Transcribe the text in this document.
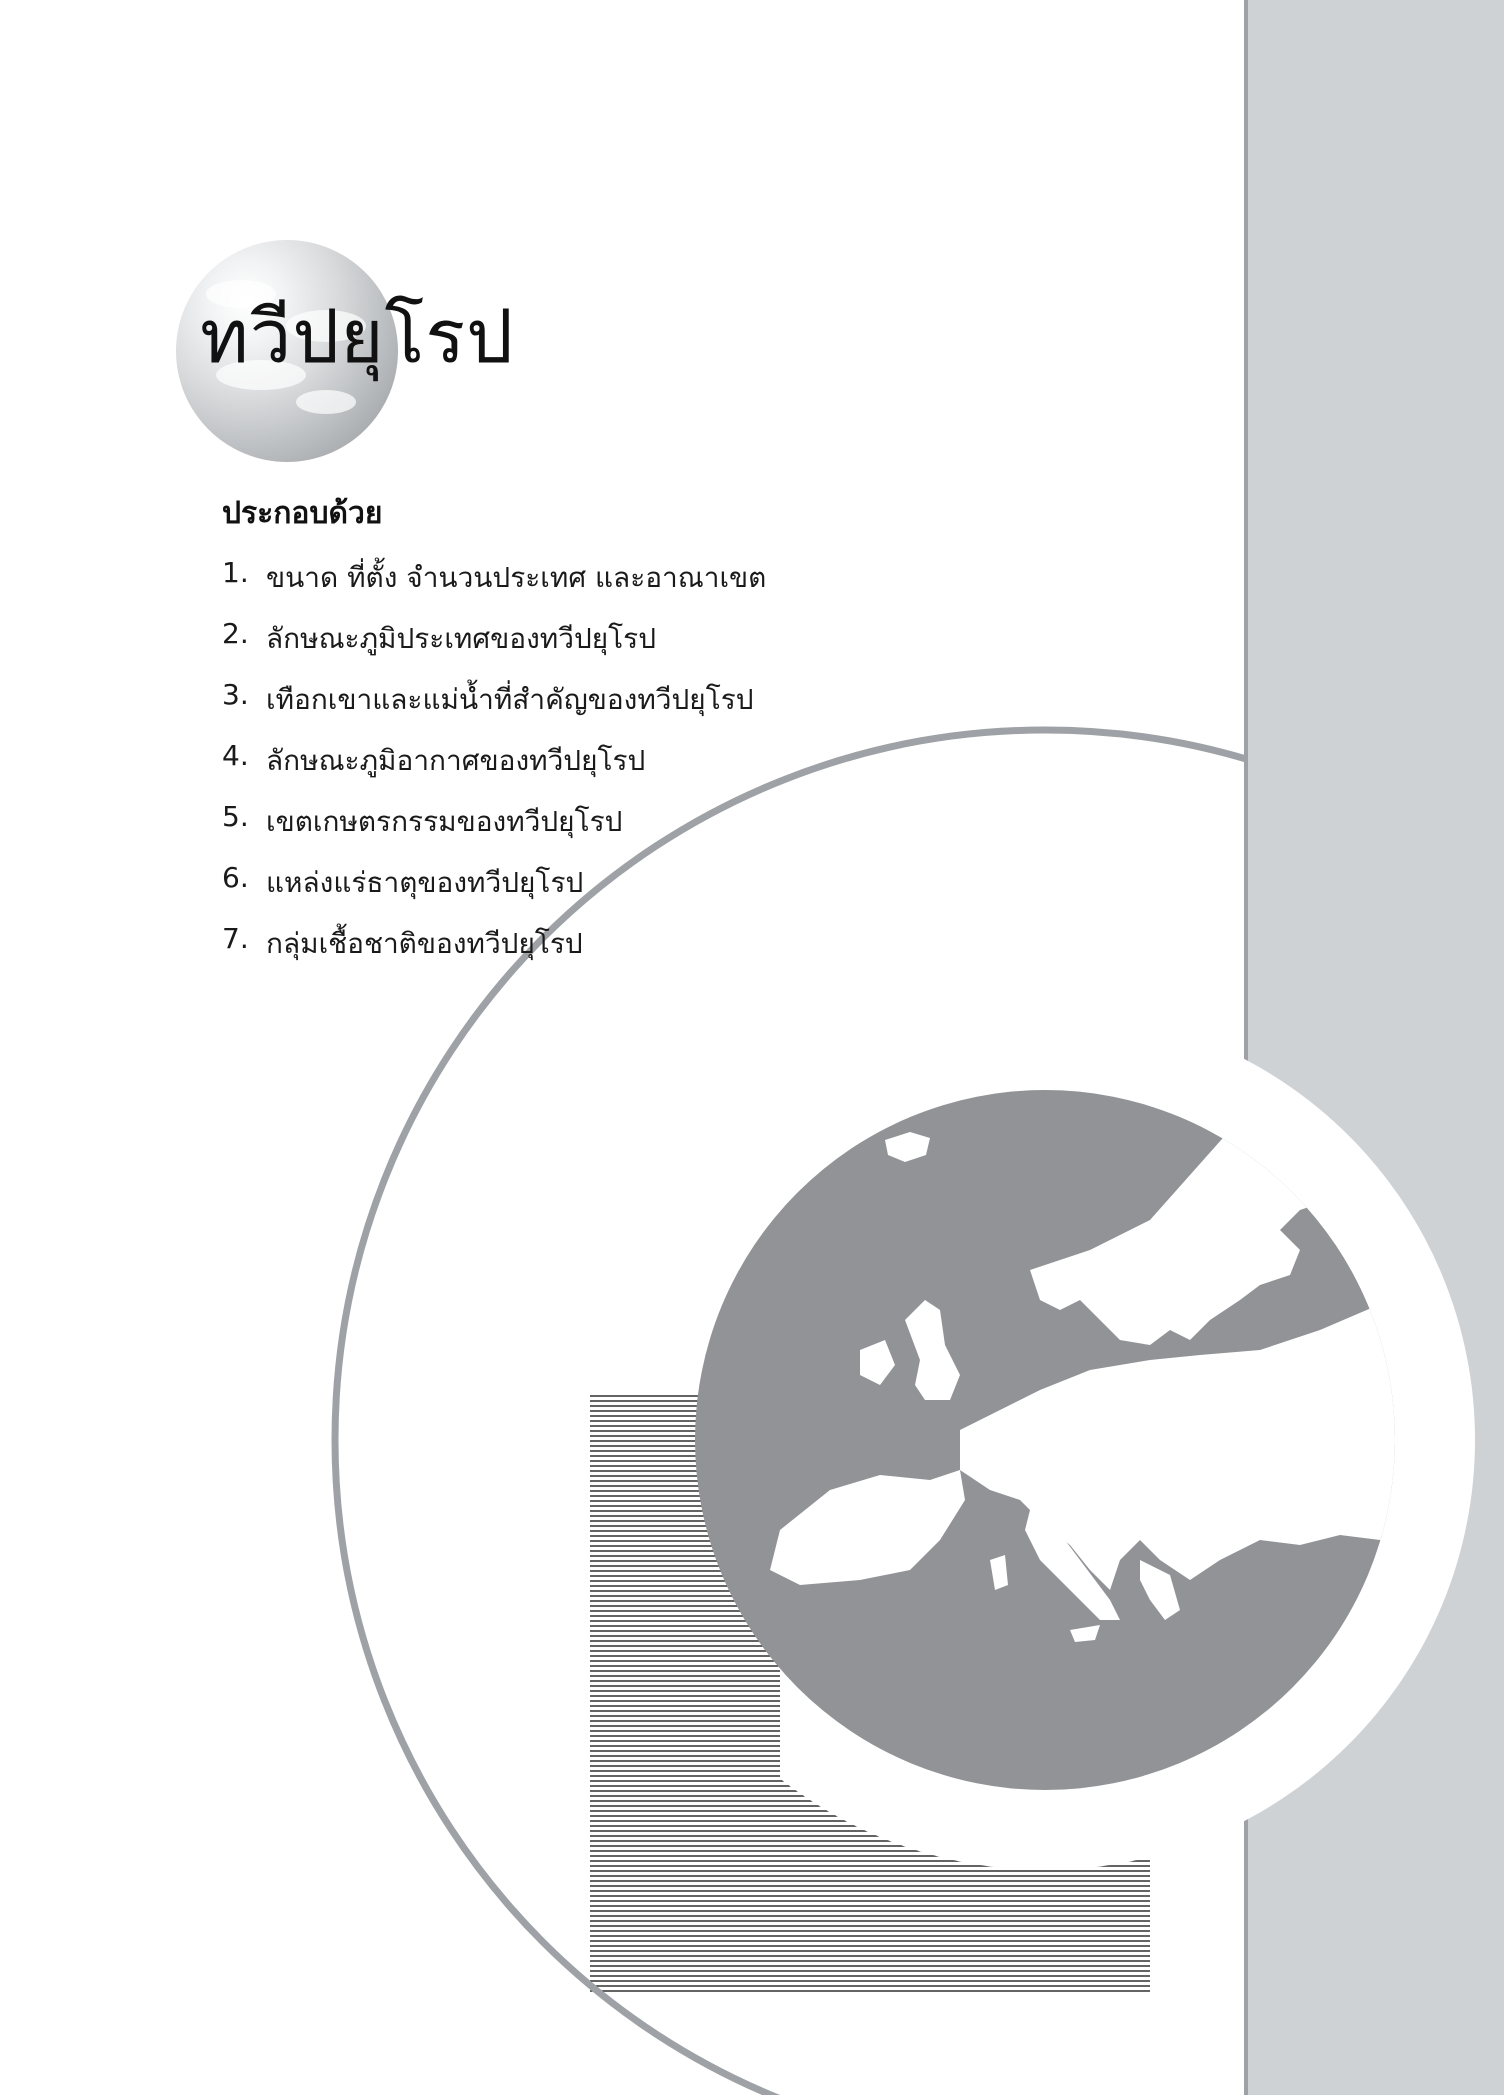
ทวีปยุโรป
ประกอบด้วย
1. ขนาด ที่ตั้ง จำนวนประเทศ และอาณาเขต
2. ลักษณะภูมิประเทศของทวีปยุโรป
3. เทือกเขาและแม่น้ำที่สำคัญของทวีปยุโรป
4. ลักษณะภูมิอากาศของทวีปยุโรป
5. เขตเกษตรกรรมของทวีปยุโรป
6. แหล่งแร่ธาตุของทวีปยุโรป
7. กลุ่มเชื้อชาติของทวีปยุโรป
